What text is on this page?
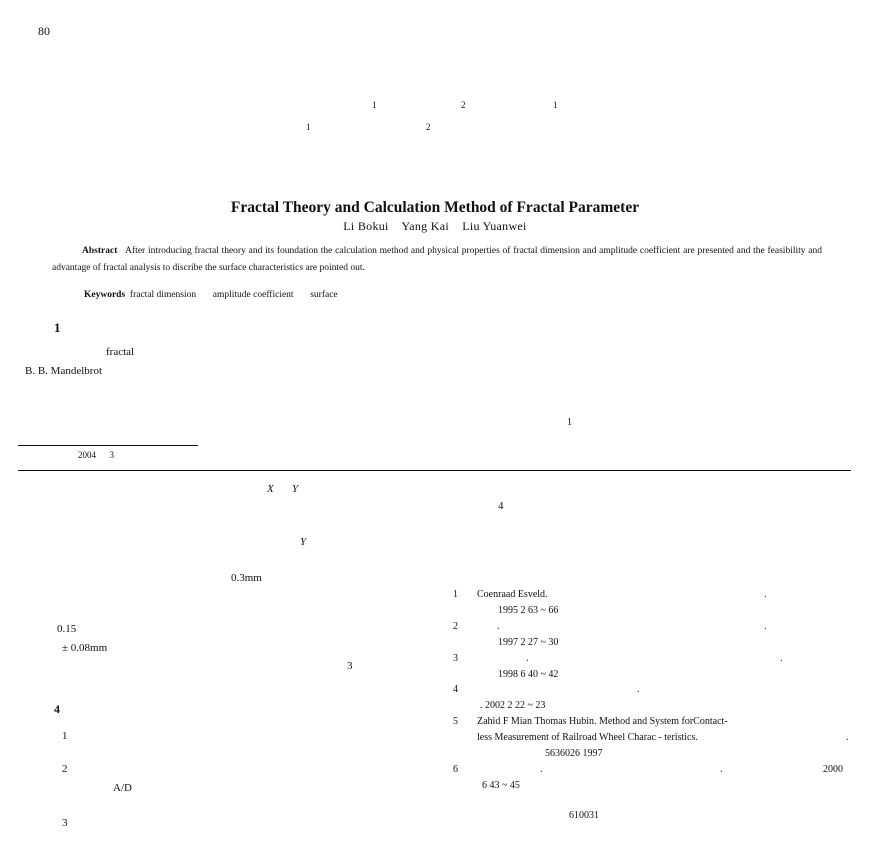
80
1	2	1
1	2
Fractal Theory and Calculation Method of Fractal Parameter
Li Bokui Yang Kai Liu Yuanwei
Abstract After introducing fractal theory and its foundation the calculation method and physical properties of fractal dimension and amplitude coefficient are presented and the feasibility and advantage of fractal analysis to discribe the surface characteristics are pointed out.
Keywords fractal dimension amplitude coefficient surface
1
fractal
B. B. Mandelbrot
1
2004 3
X Y
Y
0.3mm
0.15
± 0.08mm
3
4
1
2
A/D
3
4
1 Coenraad Esveld.	.
1995 2 63 ~ 66
2	.	.
1997 2 27 ~ 30
3	.	.
1998 6 40 ~ 42
4	.
. 2002 2 22 ~ 23
5 Zahid F Mian Thomas Hubin. Method and System forContact-
less Measurement of Railroad Wheel Charac - teristics.	.
5636026 1997
6	.	.	2000
6 43 ~ 45
610031
